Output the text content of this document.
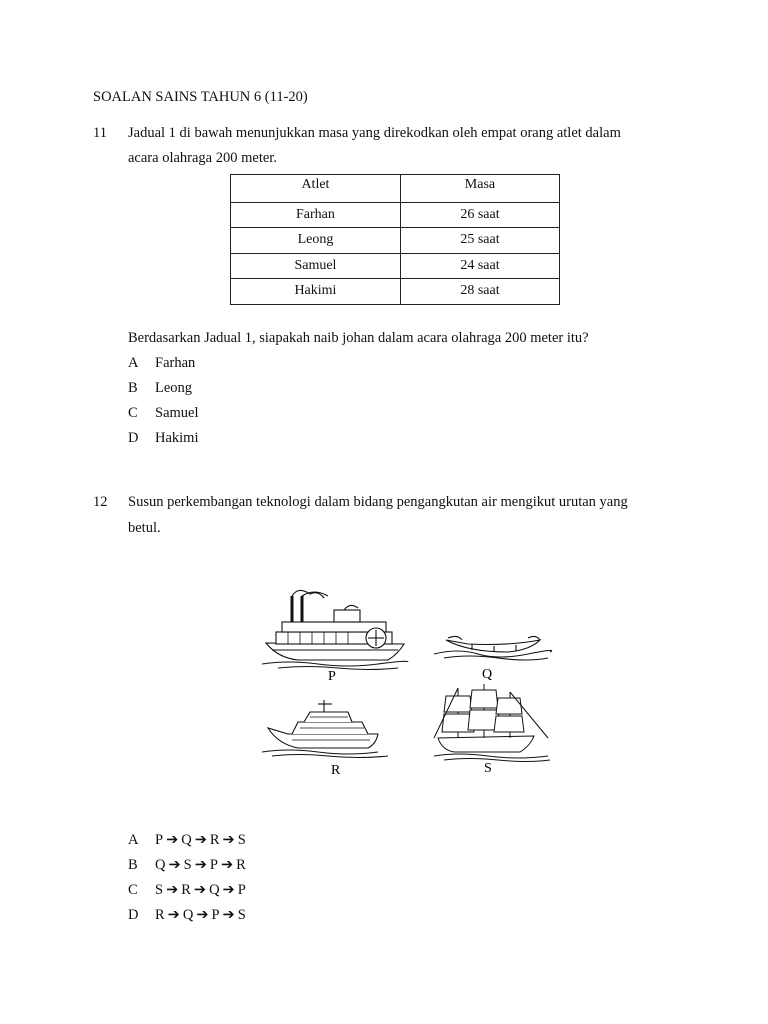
SOALAN SAINS TAHUN 6 (11-20)
11 Jadual 1 di bawah menunjukkan masa yang direkodkan oleh empat orang atlet dalam
acara olahraga 200 meter.
Atlet	Masa
Farhan	26 saat
Leong	25 saat
Samuel	24 saat
Hakimi	28 saat
Berdasarkan Jadual 1, siapakah naib johan dalam acara olahraga 200 meter itu?
A Farhan
B Leong
C Samuel
D Hakimi
12 Susun perkembangan teknologi dalam bidang pengangkutan air mengikut urutan yang
betul.
P	Q
R	S
A P ➔ Q ➔ R ➔ S
B Q ➔ S ➔ P ➔ R
C S ➔ R ➔ Q ➔ P
D R ➔ Q ➔ P ➔ S
